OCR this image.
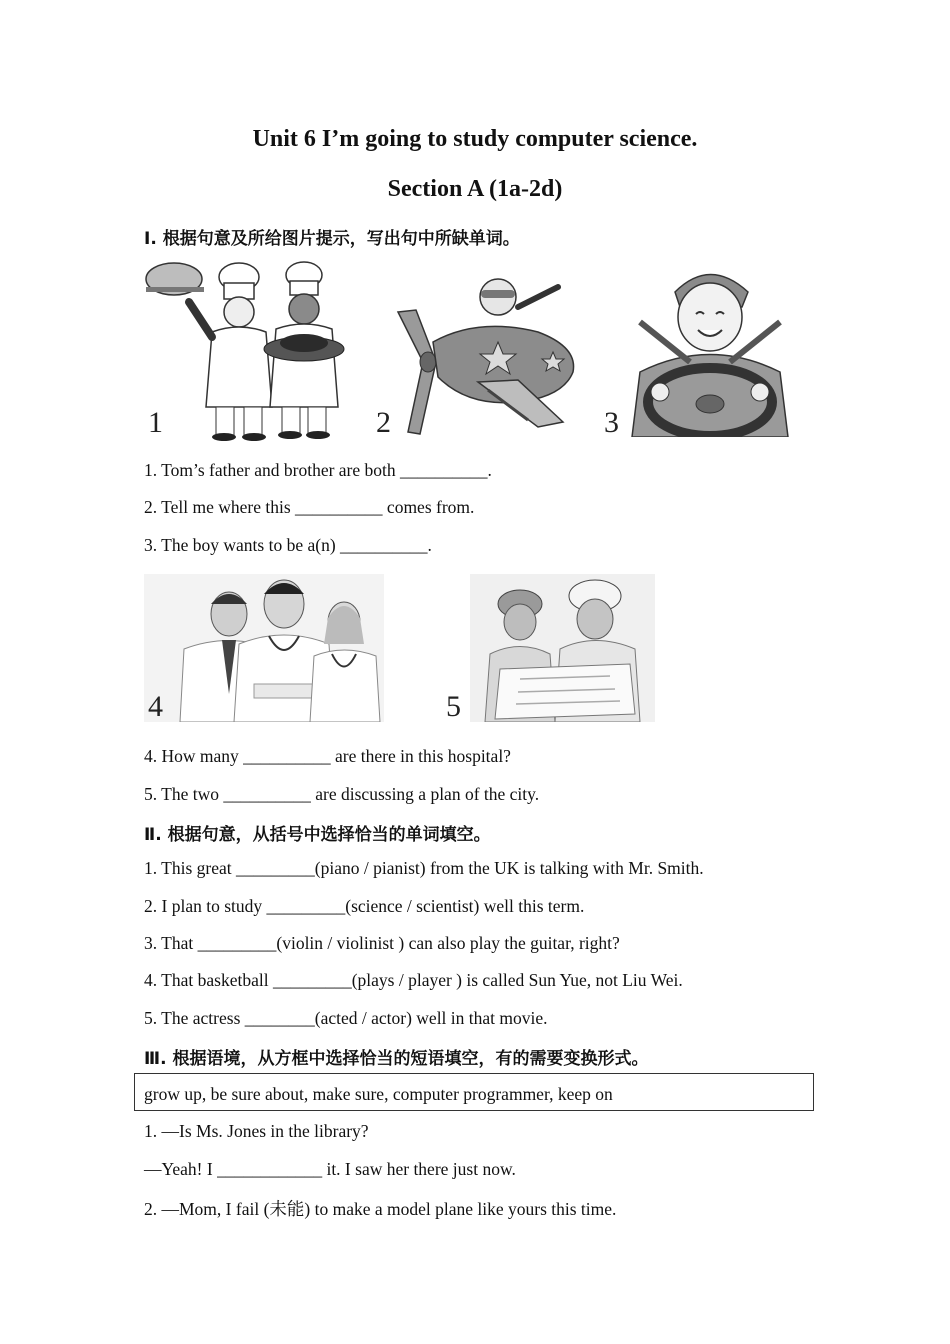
Unit 6 I’m going to study computer science.
Section A (1a-2d)
Ⅰ. 根据句意及所给图片提示，写出句中所缺单词。
1	2	3
1. Tom’s father and brother are both __________.
2. Tell me where this __________ comes from.
3. The boy wants to be a(n) __________.
4	5
4. How many __________ are there in this hospital?
5. The two __________ are discussing a plan of the city.
Ⅱ. 根据句意，从括号中选择恰当的单词填空。
1. This great _________(piano / pianist) from the UK is talking with Mr. Smith.
2. I plan to study _________(science / scientist) well this term.
3. That _________(violin / violinist ) can also play the guitar, right?
4. That basketball _________(plays / player ) is called Sun Yue, not Liu Wei.
5. The actress ________(acted / actor) well in that movie.
Ⅲ. 根据语境，从方框中选择恰当的短语填空，有的需要变换形式。
grow up, be sure about, make sure, computer programmer, keep on
1. —Is Ms. Jones in the library?
—Yeah! I ____________ it. I saw her there just now.
2. —Mom, I fail (未能) to make a model plane like yours this time.
